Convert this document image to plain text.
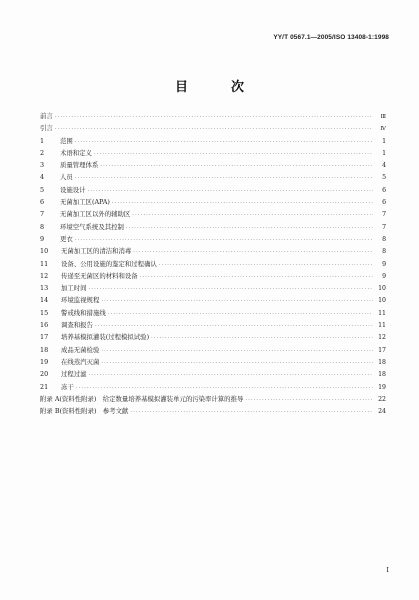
YY/T 0567.1—2005/ISO 13408-1:1998
目　次
前言 ·····	Ⅲ
引言 ·····	Ⅳ
1	范围 ·····	1
2	术语和定义 ·····	1
3	质量管理体系 ·····	4
4	人员 ·····	5
5	设施设计 ·····	6
6	无菌加工区(APA) ·····	6
7	无菌加工区以外的辅助区 ·····	7
8	环境空气系统及其控制 ·····	7
9	更衣 ·····	8
10	无菌加工区的清洁和消毒 ·····	8
11	设备、公用设施的鉴定和过程确认 ·····	9
12	传递至无菌区的材料和设备 ·····	9
13	加工时间 ·····	10
14	环境监视规程 ·····	10
15	警戒线和措施线 ·····	11
16	调查和报告 ·····	11
17	培养基模拟灌装(过程模拟试验) ·····	12
18	成品无菌检验 ·····	17
19	在线蒸汽灭菌 ·····	18
20	过程过滤 ·····	18
21	冻干 ·····	19
附录 A(资料性附录)　给定数量培养基模拟灌装单元的污染率计算的推导 ·····	22
附录 B(资料性附录)　参考文献 ·····	24
I
